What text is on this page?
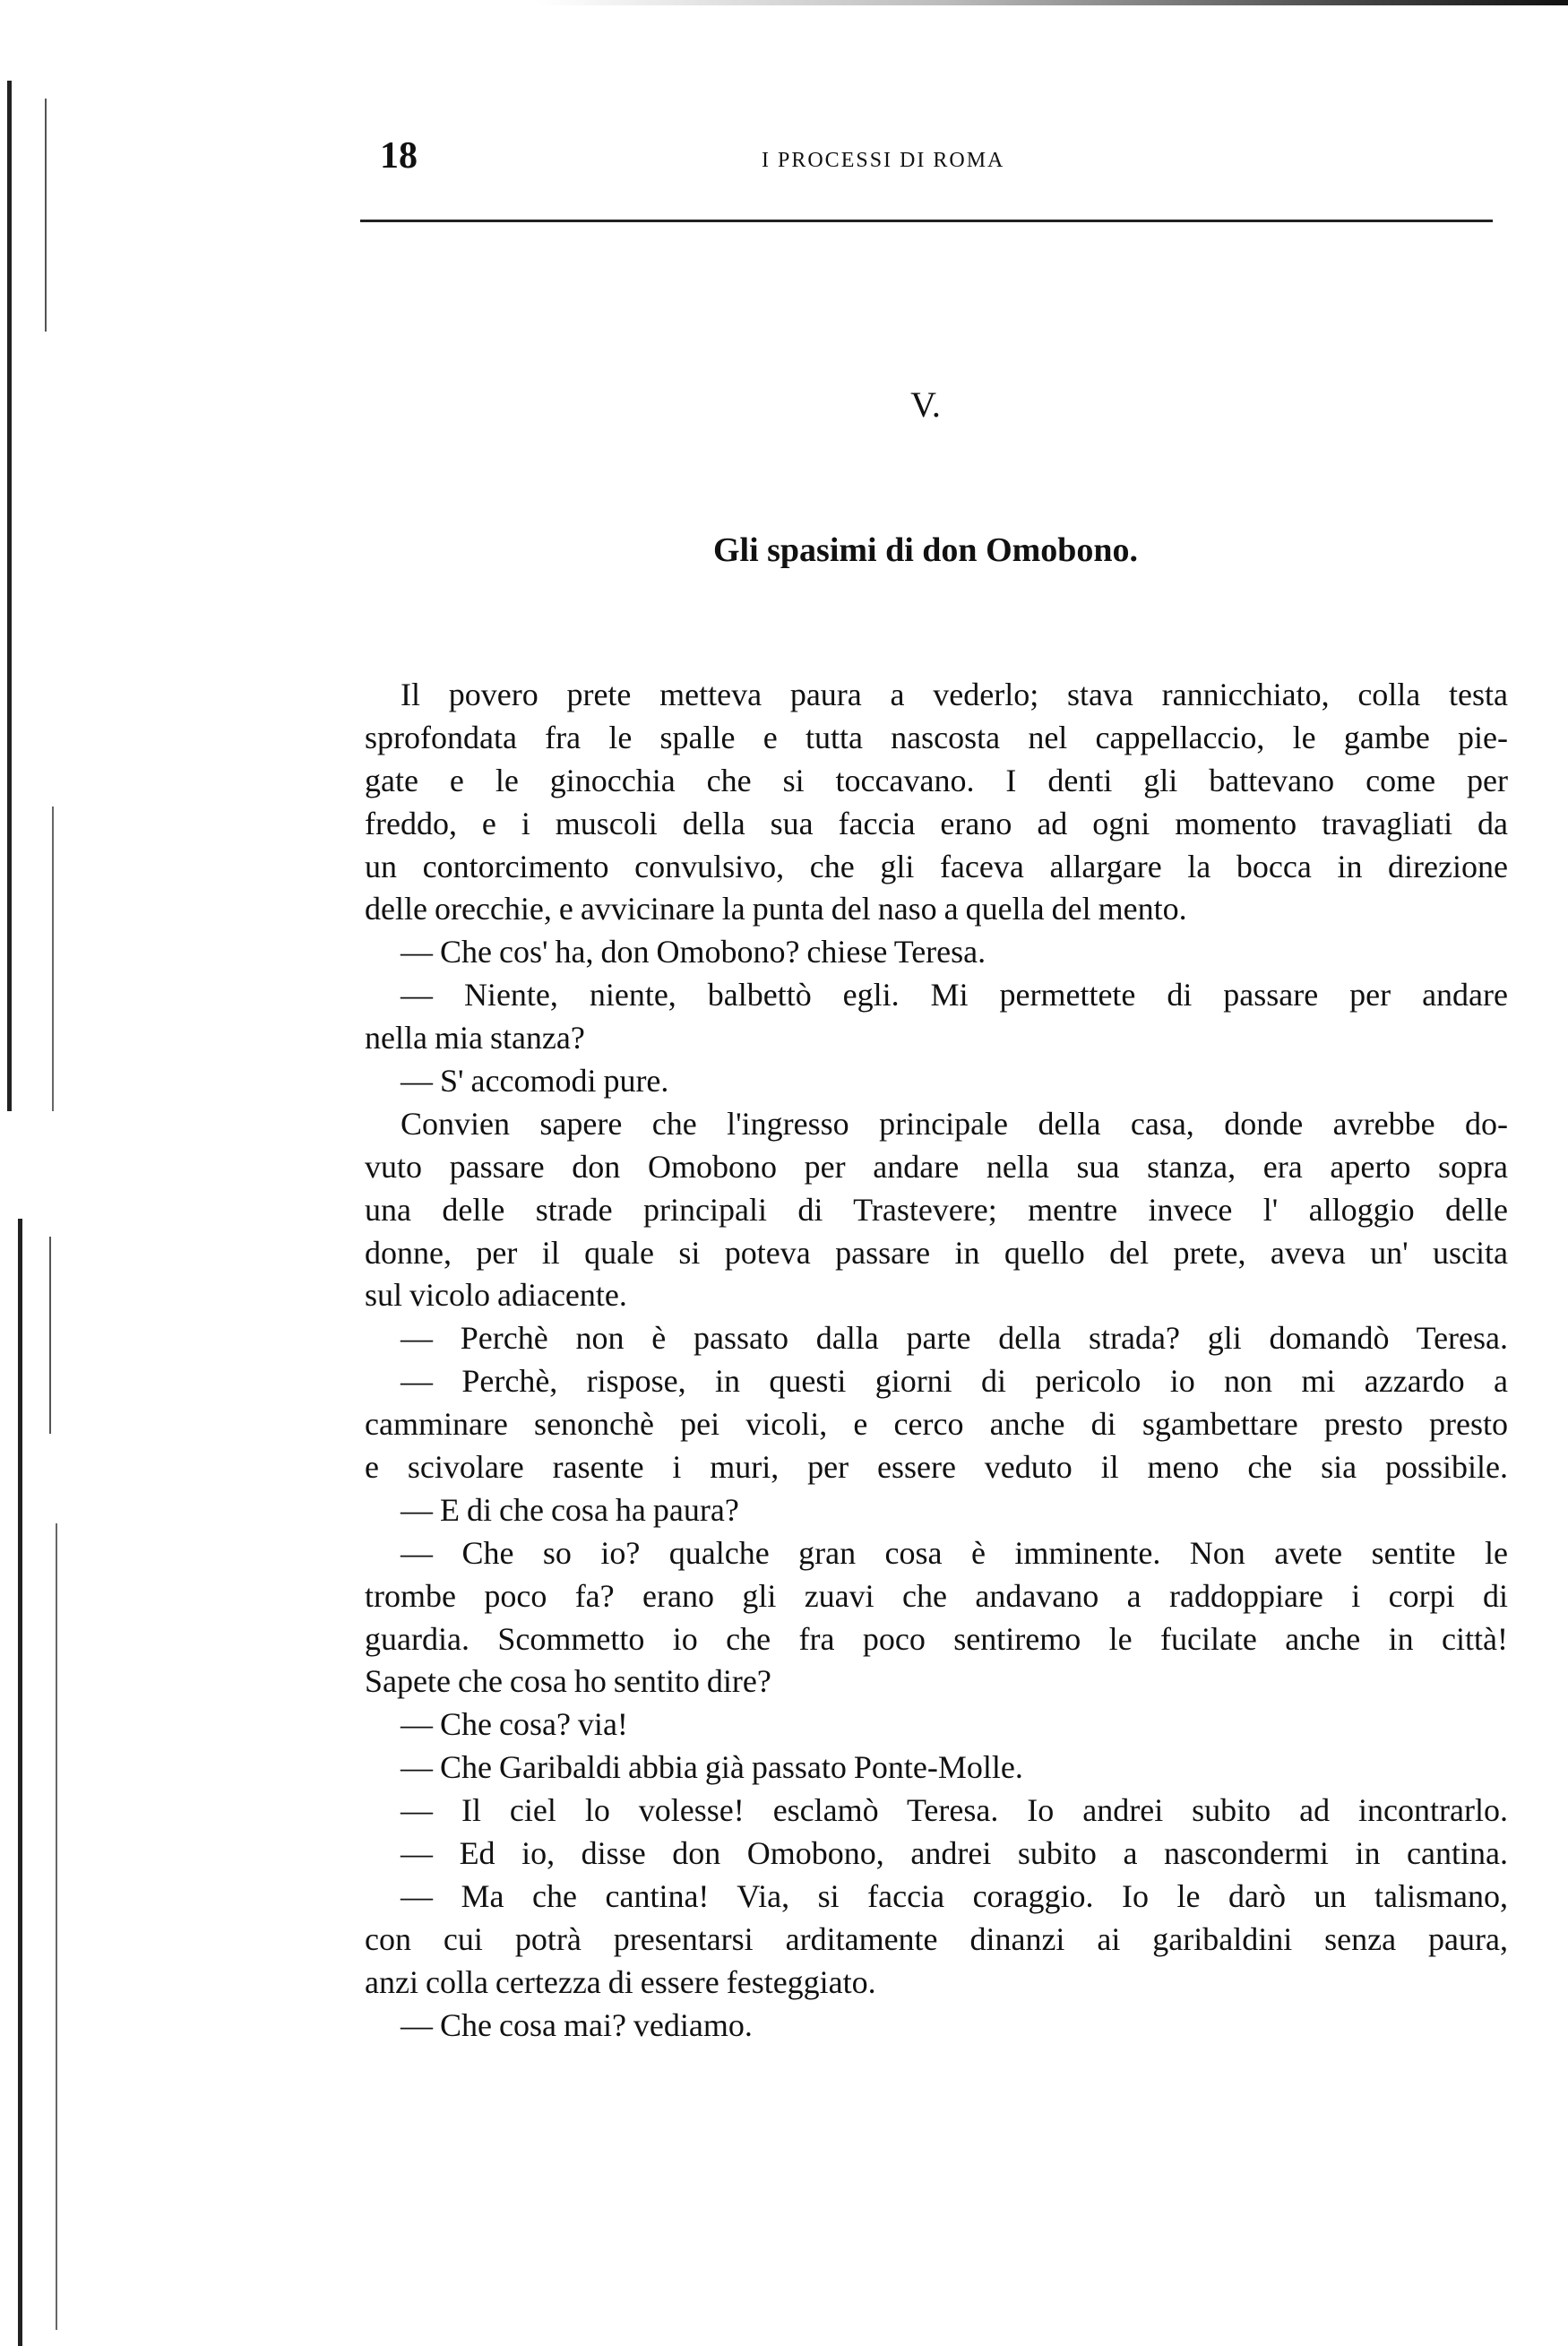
18	I PROCESSI DI ROMA
V.
Gli spasimi di don Omobono.
Il povero prete metteva paura a vederlo; stava rannicchiato, colla testa
sprofondata fra le spalle e tutta nascosta nel cappellaccio, le gambe pie-
gate e le ginocchia che si toccavano. I denti gli battevano come per
freddo, e i muscoli della sua faccia erano ad ogni momento travagliati da
un contorcimento convulsivo, che gli faceva allargare la bocca in direzione
delle orecchie, e avvicinare la punta del naso a quella del mento.
— Che cos' ha, don Omobono? chiese Teresa.
— Niente, niente, balbettò egli. Mi permettete di passare per andare
nella mia stanza?
— S' accomodi pure.
Convien sapere che l'ingresso principale della casa, donde avrebbe do-
vuto passare don Omobono per andare nella sua stanza, era aperto sopra
una delle strade principali di Trastevere; mentre invece l' alloggio delle
donne, per il quale si poteva passare in quello del prete, aveva un' uscita
sul vicolo adiacente.
— Perchè non è passato dalla parte della strada? gli domandò Teresa.
— Perchè, rispose, in questi giorni di pericolo io non mi azzardo a
camminare senonchè pei vicoli, e cerco anche di sgambettare presto presto
e scivolare rasente i muri, per essere veduto il meno che sia possibile.
— E di che cosa ha paura?
— Che so io? qualche gran cosa è imminente. Non avete sentite le
trombe poco fa? erano gli zuavi che andavano a raddoppiare i corpi di
guardia. Scommetto io che fra poco sentiremo le fucilate anche in città!
Sapete che cosa ho sentito dire?
— Che cosa? via!
— Che Garibaldi abbia già passato Ponte-Molle.
— Il ciel lo volesse! esclamò Teresa. Io andrei subito ad incontrarlo.
— Ed io, disse don Omobono, andrei subito a nascondermi in cantina.
— Ma che cantina! Via, si faccia coraggio. Io le darò un talismano,
con cui potrà presentarsi arditamente dinanzi ai garibaldini senza paura,
anzi colla certezza di essere festeggiato.
— Che cosa mai? vediamo.
